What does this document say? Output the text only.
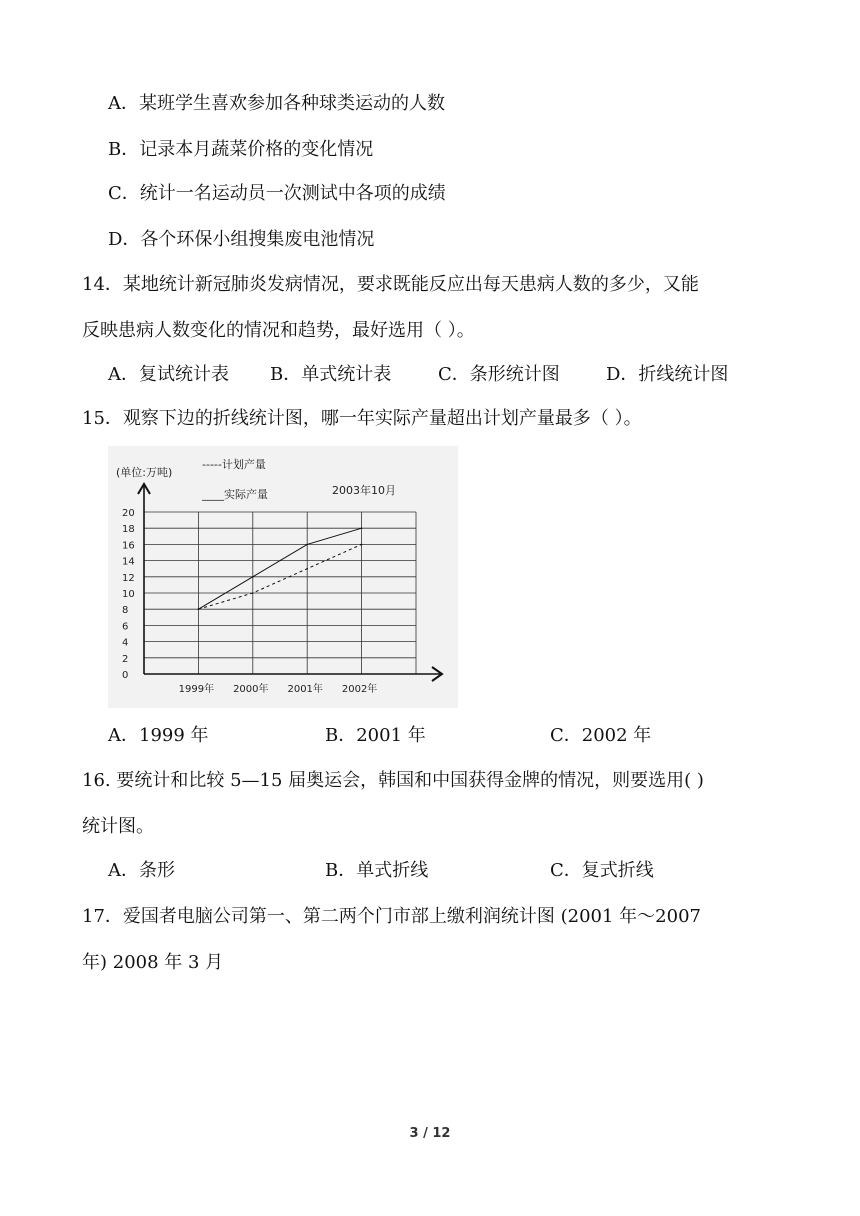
A．某班学生喜欢参加各种球类运动的人数
B．记录本月蔬菜价格的变化情况
C．统计一名运动员一次测试中各项的成绩
D．各个环保小组搜集废电池情况
14．某地统计新冠肺炎发病情况，要求既能反应出每天患病人数的多少，又能
反映患病人数变化的情况和趋势，最好选用（ ）。
A．复试统计表 B．单式统计表	C．条形统计图	D．折线统计图
15．观察下边的折线统计图，哪一年实际产量超出计划产量最多（ ）。
(单位:万吨)
-----计划产量
____实际产量	2003年10月
0
2
4
6
8
10
12
14
16
18
20
1999年 2000年 2001年 2002年
A．1999 年	B．2001 年	C．2002 年
16. 要统计和比较 5—15 届奥运会，韩国和中国获得金牌的情况，则要选用( )
统计图。
A．条形	B．单式折线	C．复式折线
17．爱国者电脑公司第一、第二两个门市部上缴利润统计图 (2001 年～2007
年) 2008 年 3 月
3 / 12
